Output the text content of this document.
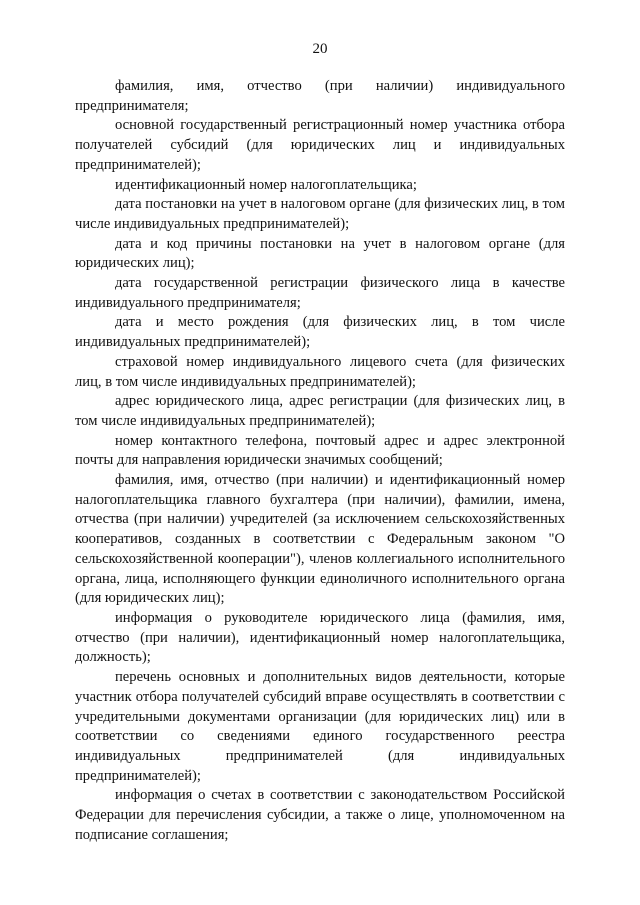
20

фамилия, имя, отчество (при наличии) индивидуального предпринимателя;

основной государственный регистрационный номер участника отбора получателей субсидий (для юридических лиц и индивидуальных предпринимателей);

идентификационный номер налогоплательщика;

дата постановки на учет в налоговом органе (для физических лиц, в том числе индивидуальных предпринимателей);

дата и код причины постановки на учет в налоговом органе (для юридических лиц);

дата государственной регистрации физического лица в качестве индивидуального предпринимателя;

дата и место рождения (для физических лиц, в том числе индивидуальных предпринимателей);

страховой номер индивидуального лицевого счета (для физических лиц, в том числе индивидуальных предпринимателей);

адрес юридического лица, адрес регистрации (для физических лиц, в том числе индивидуальных предпринимателей);

номер контактного телефона, почтовый адрес и адрес электронной почты для направления юридически значимых сообщений;

фамилия, имя, отчество (при наличии) и идентификационный номер налогоплательщика главного бухгалтера (при наличии), фамилии, имена, отчества (при наличии) учредителей (за исключением сельскохозяйственных кооперативов, созданных в соответствии с Федеральным законом "О сельскохозяйственной кооперации"), членов коллегиального исполнительного органа, лица, исполняющего функции единоличного исполнительного органа (для юридических лиц);

информация о руководителе юридического лица (фамилия, имя, отчество (при наличии), идентификационный номер налогоплательщика, должность);

перечень основных и дополнительных видов деятельности, которые участник отбора получателей субсидий вправе осуществлять в соответствии с учредительными документами организации (для юридических лиц) или в соответствии со сведениями единого государственного реестра индивидуальных предпринимателей (для индивидуальных предпринимателей);

информация о счетах в соответствии с законодательством Российской Федерации для перечисления субсидии, а также о лице, уполномоченном на подписание соглашения;
